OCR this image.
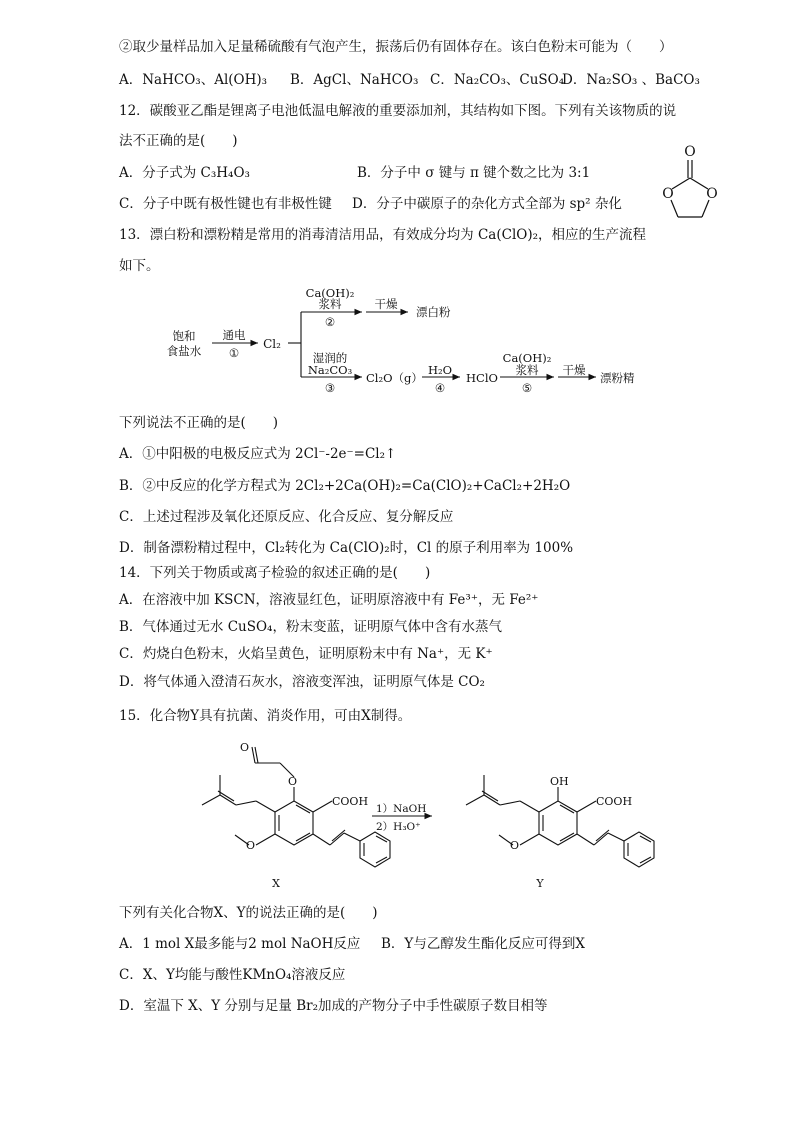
②取少量样品加入足量稀硫酸有气泡产生，振荡后仍有固体存在。该白色粉末可能为（　　）
A．NaHCO₃、Al(OH)₃ B．AgCl、NaHCO₃ C．Na₂CO₃、CuSO₄
D．Na₂SO₃ 、BaCO₃
12．碳酸亚乙酯是锂离子电池低温电解液的重要添加剂，其结构如下图。下列有关该物质的说
法不正确的是(　　)
A．分子式为 C₃H₄O₃	B．分子中 σ 键与 π 键个数之比为 3:1
C．分子中既有极性键也有非极性键 D．分子中碳原子的杂化方式全部为 sp² 杂化
O
O O
13．漂白粉和漂粉精是常用的消毒清洁用品，有效成分均为 Ca(ClO)₂，相应的生产流程
如下。
饱和
食盐水
通电
①
Cl₂
Ca(OH)₂
浆料
②
干燥
漂白粉
湿润的
Na₂CO₃
③
Cl₂O（g）
H₂O
④
HClO
Ca(OH)₂
浆料
⑤
干燥
漂粉精
下列说法不正确的是(　　)
A．①中阳极的电极反应式为 2Cl⁻-2e⁻=Cl₂↑
B．②中反应的化学方程式为 2Cl₂+2Ca(OH)₂=Ca(ClO)₂+CaCl₂+2H₂O
C．上述过程涉及氧化还原反应、化合反应、复分解反应
D．制备漂粉精过程中，Cl₂转化为 Ca(ClO)₂时，Cl 的原子利用率为 100%
14．下列关于物质或离子检验的叙述正确的是(　　)
A．在溶液中加 KSCN，溶液显红色，证明原溶液中有 Fe³⁺，无 Fe²⁺
B．气体通过无水 CuSO₄，粉末变蓝，证明原气体中含有水蒸气
C．灼烧白色粉末，火焰呈黄色，证明原粉末中有 Na⁺，无 K⁺
D．将气体通入澄清石灰水，溶液变浑浊，证明原气体是 CO₂
15．化合物Y具有抗菌、消炎作用，可由X制得。
O
O
COOH
O
X
1）NaOH
2）H₃O⁺
OH
COOH
O
Y
下列有关化合物X、Y的说法正确的是(　　)
A．1 mol X最多能与2 mol NaOH反应 B．Y与乙醇发生酯化反应可得到X
C．X、Y均能与酸性KMnO₄溶液反应
D．室温下 X、Y 分别与足量 Br₂加成的产物分子中手性碳原子数目相等
